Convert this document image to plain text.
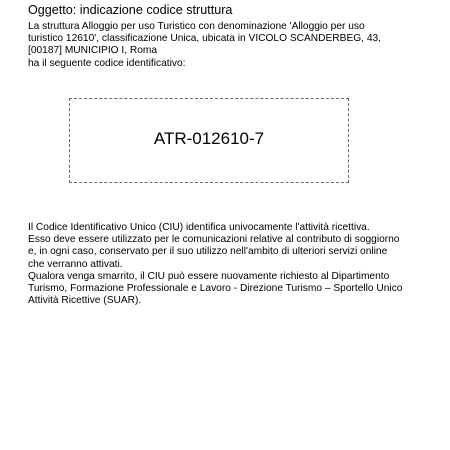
Oggetto: indicazione codice struttura

La struttura Alloggio per uso Turistico con denominazione 'Alloggio per uso

turistico 12610', classificazione Unica, ubicata in VICOLO SCANDERBEG, 43,

[00187] MUNICIPIO I, Roma

ha il seguente codice identificativo:

ATR-012610-7

Il Codice Identificativo Unico (CIU) identifica univocamente l'attività ricettiva.

Esso deve essere utilizzato per le comunicazioni relative al contributo di soggiorno

e, in ogni caso, conservato per il suo utilizzo nell'ambito di ulteriori servizi online

che verranno attivati.

Qualora venga smarrito, il CIU può essere nuovamente richiesto al Dipartimento

Turismo, Formazione Professionale e Lavoro - Direzione Turismo – Sportello Unico

Attività Ricettive (SUAR).
